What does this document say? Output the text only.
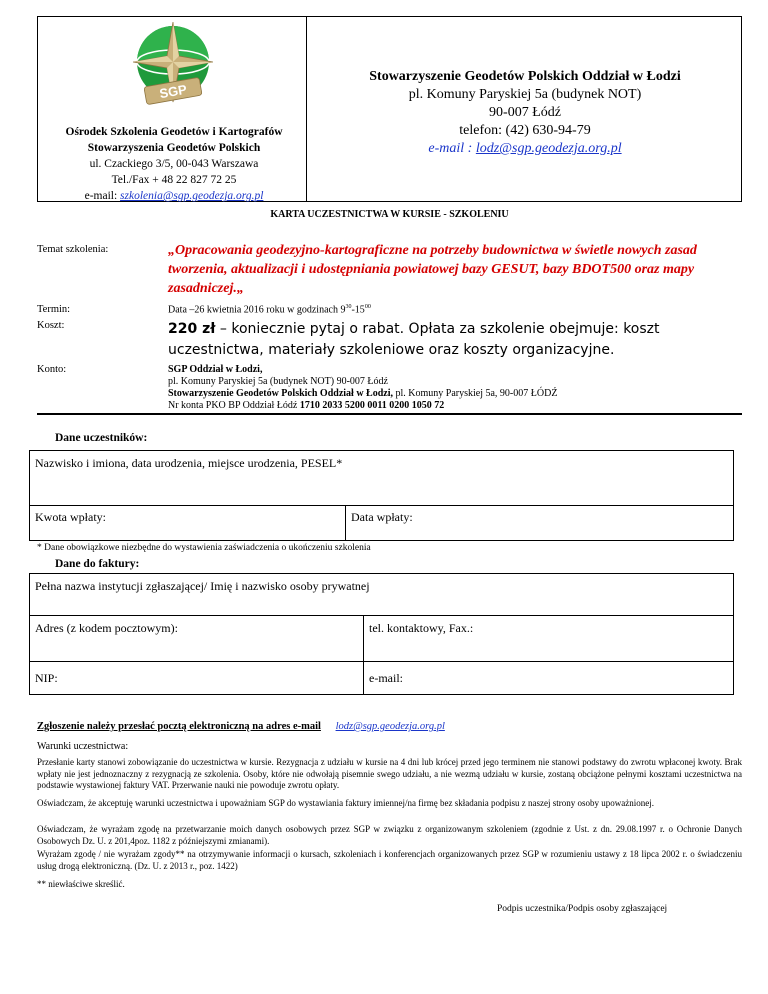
SGP
Ośrodek Szkolenia Geodetów i Kartografów
Stowarzyszenia Geodetów Polskich
ul. Czackiego 3/5, 00-043 Warszawa
Tel./Fax + 48 22 827 72 25
e-mail: szkolenia@sgp.geodezja.org.pl
Stowarzyszenie Geodetów Polskich Oddział w Łodzi
pl. Komuny Paryskiej 5a (budynek NOT)
90-007 Łódź
telefon: (42) 630-94-79
e-mail : lodz@sgp.geodezja.org.pl
KARTA UCZESTNICTWA W KURSIE - SZKOLENIU
Temat szkolenia:	„Opracowania geodezyjno-kartograficzne na potrzeby budownictwa w świetle nowych zasad tworzenia, aktualizacji i udostępniania powiatowej bazy GESUT, bazy BDOT500 oraz mapy zasadniczej.„
Termin:	Data –26 kwietnia 2016 roku w godzinach $9^{30}-15^{00}$
Koszt:	220 zł – koniecznie pytaj o rabat. Opłata za szkolenie obejmuje: koszt uczestnictwa, materiały szkoleniowe oraz koszty organizacyjne.
Konto:	SGP Oddział w Łodzi,
pl. Komuny Paryskiej 5a (budynek NOT) 90-007 Łódź
Stowarzyszenie Geodetów Polskich Oddział w Łodzi, pl. Komuny Paryskiej 5a, 90-007 ŁÓDŹ
Nr konta PKO BP Oddział Łódź 1710 2033 5200 0011 0200 1050 72
Dane uczestników:
Nazwisko i imiona, data urodzenia, miejsce urodzenia, PESEL*
Kwota wpłaty:	Data wpłaty:
* Dane obowiązkowe niezbędne do wystawienia zaświadczenia o ukończeniu szkolenia
Dane do faktury:
Pełna nazwa instytucji zgłaszającej/ Imię i nazwisko osoby prywatnej
Adres (z kodem pocztowym):	tel. kontaktowy, Fax.:
NIP:	e-mail:
Zgłoszenie należy przesłać pocztą elektroniczną na adres e-mail lodz@sgp.geodezja.org.pl
Warunki uczestnictwa:
Przesłanie karty stanowi zobowiązanie do uczestnictwa w kursie. Rezygnacja z udziału w kursie na 4 dni lub krócej przed jego terminem nie stanowi podstawy do zwrotu wpłaconej kwoty. Brak wpłaty nie jest jednoznaczny z rezygnacją ze szkolenia. Osoby, które nie odwołają pisemnie swego udziału, a nie wezmą udziału w kursie, zostaną obciążone pełnymi kosztami uczestnictwa na podstawie wystawionej faktury VAT. Przerwanie nauki nie powoduje zwrotu opłaty.
Oświadczam, że akceptuję warunki uczestnictwa i upoważniam SGP do wystawiania faktury imiennej/na firmę bez składania podpisu z naszej strony osoby upoważnionej.
Oświadczam, że wyrażam zgodę na przetwarzanie moich danych osobowych przez SGP w związku z organizowanym szkoleniem (zgodnie z Ust. z dn. 29.08.1997 r. o Ochronie Danych Osobowych Dz. U. z 201,4poz. 1182 z późniejszymi zmianami).
Wyrażam zgodę / nie wyrażam zgody** na otrzymywanie informacji o kursach, szkoleniach i konferencjach organizowanych przez SGP w rozumieniu ustawy z 18 lipca 2002 r. o świadczeniu usług drogą elektroniczną. (Dz. U. z 2013 r., poz. 1422)
** niewłaściwe skreślić.
Podpis uczestnika/Podpis osoby zgłaszającej
